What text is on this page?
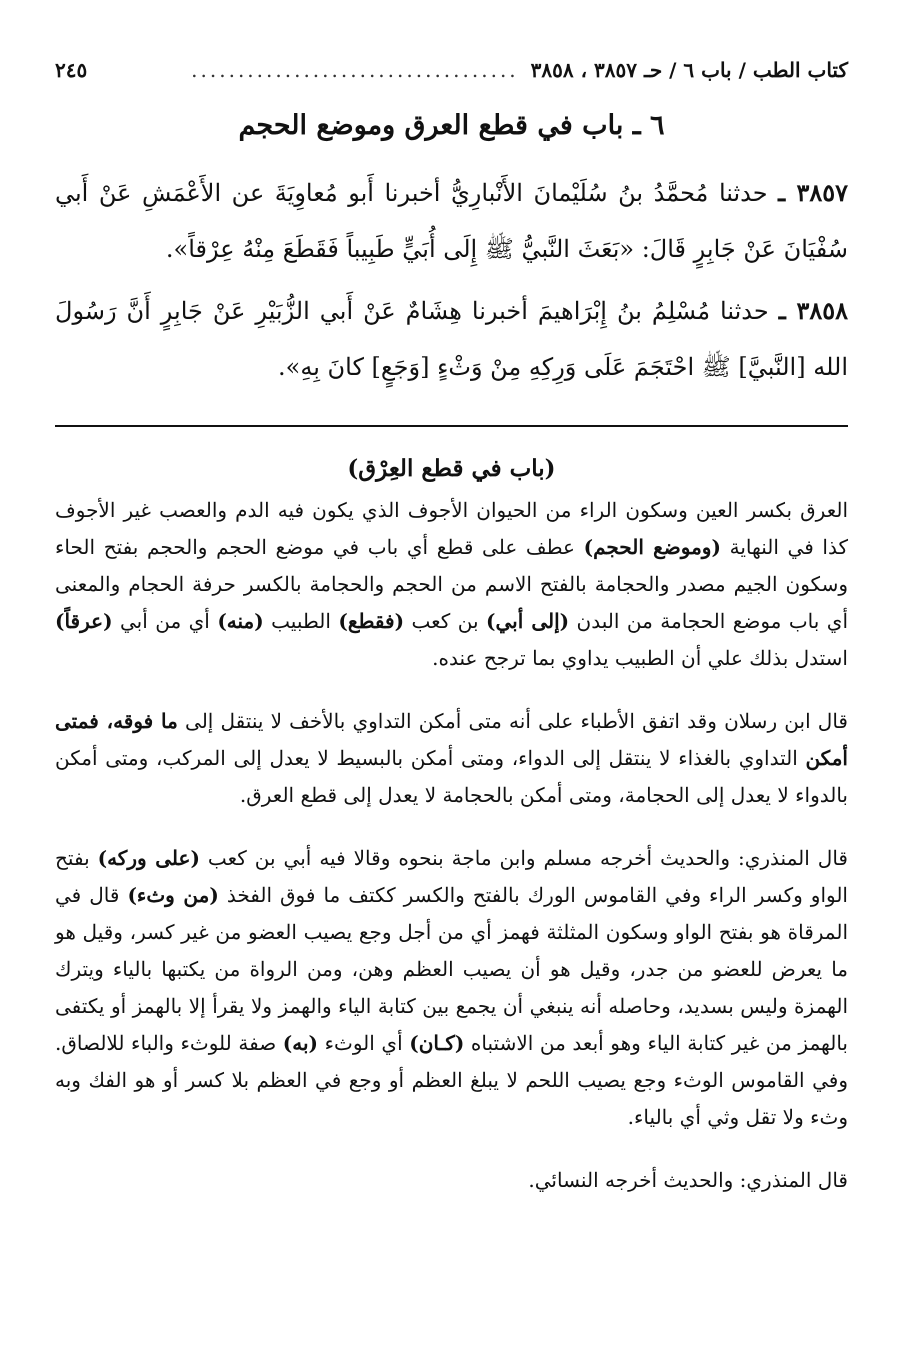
كتاب الطب / باب ٦ / حـ ٣٨٥٧ ، ٣٨٥٨
...................................
٢٤٥
٦ ـ باب في قطع العرق وموضع الحجم

٣٨٥٧ ـ حدثنا مُحمَّدُ بنُ سُلَيْمانَ الأَنْبارِيُّ أخبرنا أَبو مُعاوِيَةَ عن الأَعْمَشِ عَنْ أَبي سُفْيَانَ عَنْ جَابِرٍ قَالَ: «بَعَثَ النَّبيُّ ﷺ إِلَى أُبَيٍّ طَبِيباً فَقَطَعَ مِنْهُ عِرْقاً».

٣٨٥٨ ـ حدثنا مُسْلِمُ بنُ إِبْرَاهيمَ أخبرنا هِشَامٌ عَنْ أَبي الزُّبَيْرِ عَنْ جَابِرٍ أَنَّ رَسُولَ الله [النَّبيَّ] ﷺ احْتَجَمَ عَلَى وَرِكِهِ مِنْ وَثْءٍ [وَجَعٍ] كانَ بِهِ».

(باب في قطع العِرْق)

العرق بكسر العين وسكون الراء من الحيوان الأجوف الذي يكون فيه الدم والعصب غير الأجوف كذا في النهاية (وموضع الحجم) عطف على قطع أي باب في موضع الحجم والحجم بفتح الحاء وسكون الجيم مصدر والحجامة بالفتح الاسم من الحجم والحجامة بالكسر حرفة الحجام والمعنى أي باب موضع الحجامة من البدن (إلى أبي) بن كعب (فقطع) الطبيب (منه) أي من أبي (عرقاً) استدل بذلك علي أن الطبيب يداوي بما ترجح عنده.

قال ابن رسلان وقد اتفق الأطباء على أنه متى أمكن التداوي بالأخف لا ينتقل إلى ما فوقه، فمتى أمكن التداوي بالغذاء لا ينتقل إلى الدواء، ومتى أمكن بالبسيط لا يعدل إلى المركب، ومتى أمكن بالدواء لا يعدل إلى الحجامة، ومتى أمكن بالحجامة لا يعدل إلى قطع العرق.

قال المنذري: والحديث أخرجه مسلم وابن ماجة بنحوه وقالا فيه أبي بن كعب (على وركه) بفتح الواو وكسر الراء وفي القاموس الورك بالفتح والكسر ككتف ما فوق الفخذ (من وثء) قال في المرقاة هو بفتح الواو وسكون المثلثة فهمز أي من أجل وجع يصيب العضو من غير كسر، وقيل هو ما يعرض للعضو من جدر، وقيل هو أن يصيب العظم وهن، ومن الرواة من يكتبها بالياء ويترك الهمزة وليس بسديد، وحاصله أنه ينبغي أن يجمع بين كتابة الياء والهمز ولا يقرأ إلا بالهمز أو يكتفى بالهمز من غير كتابة الياء وهو أبعد من الاشتباه (كـان) أي الوثء (به) صفة للوثء والباء للالصاق. وفي القاموس الوثء وجع يصيب اللحم لا يبلغ العظم أو وجع في العظم بلا كسر أو هو الفك وبه وثء ولا تقل وثي أي بالياء.

قال المنذري: والحديث أخرجه النسائي.
